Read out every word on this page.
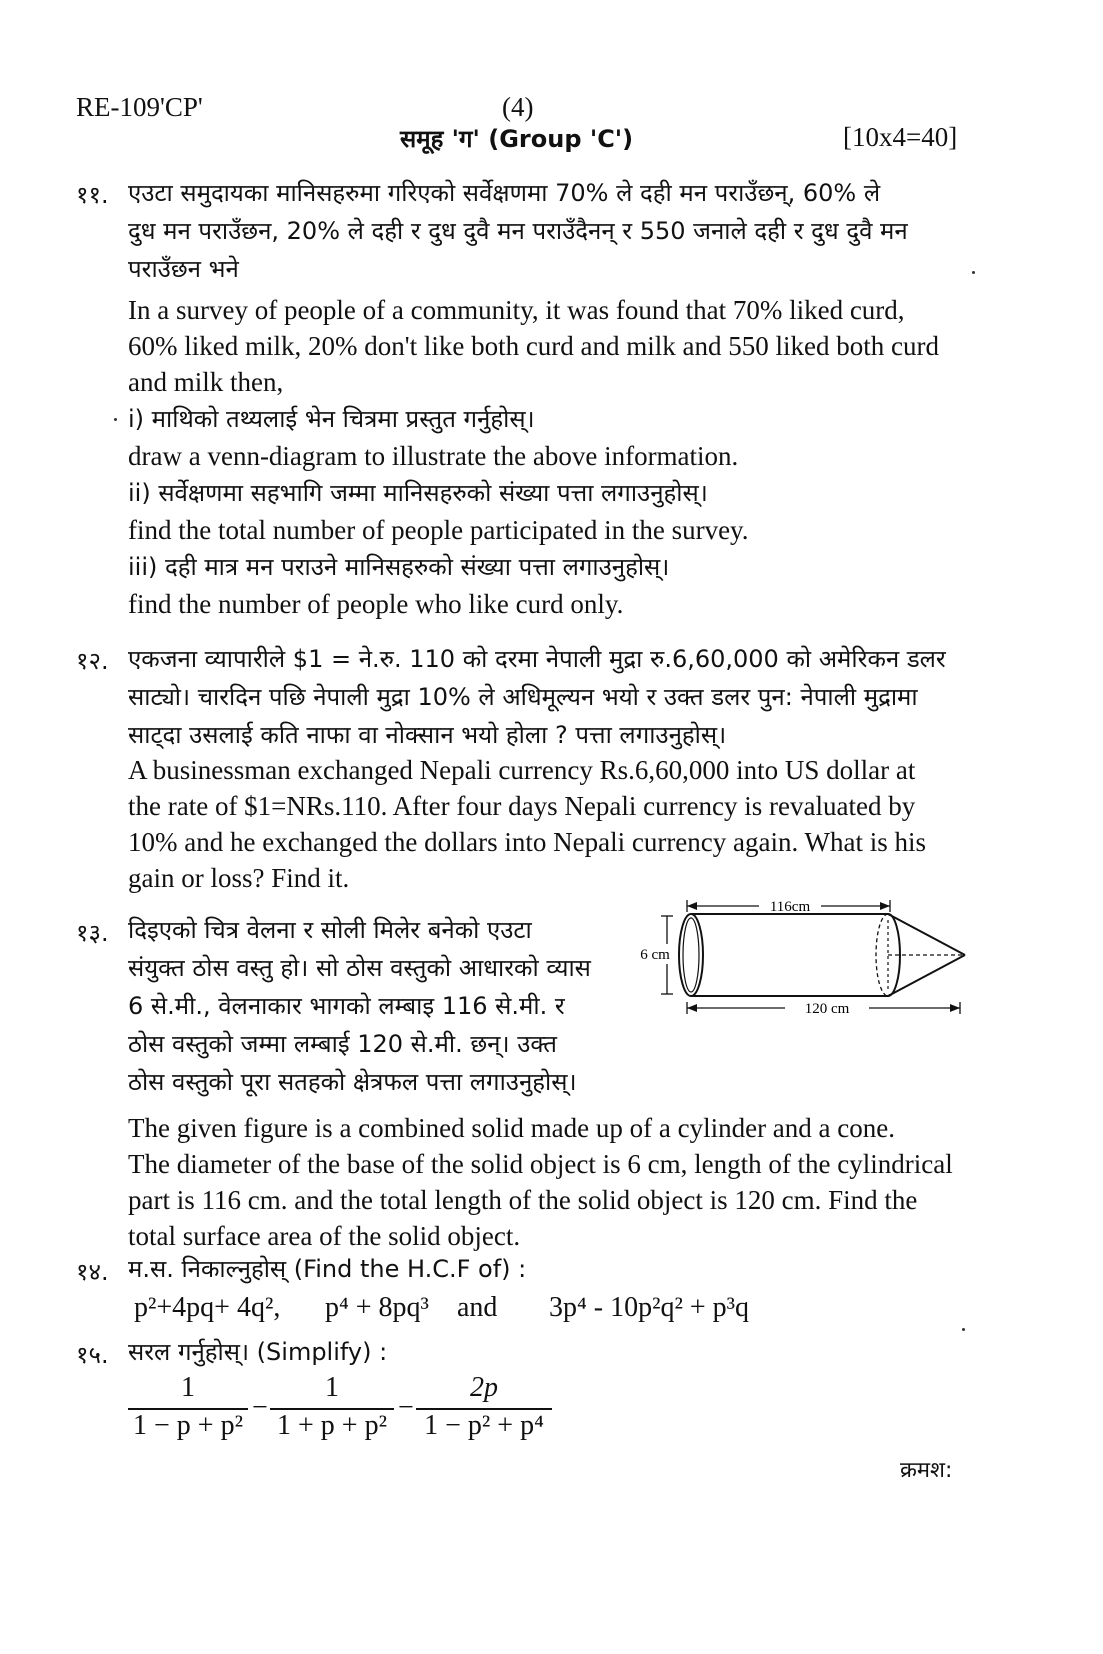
RE-109'CP'	(4)
समूह 'ग' (Group 'C')	[10x4=40]
११. एउटा समुदायका मानिसहरुमा गरिएको सर्वेक्षणमा 70% ले दही मन पराउँछन्, 60% ले
दुध मन पराउँछन, 20% ले दही र दुध दुवै मन पराउँदैनन् र 550 जनाले दही र दुध दुवै मन
पराउँछन भने
In a survey of people of a community, it was found that 70% liked curd,
60% liked milk, 20% don't like both curd and milk and 550 liked both curd
and milk then,
i) माथिको तथ्यलाई भेन चित्रमा प्रस्तुत गर्नुहोस्।
draw a venn-diagram to illustrate the above information.
ii) सर्वेक्षणमा सहभागि जम्मा मानिसहरुको संख्या पत्ता लगाउनुहोस्।
find the total number of people participated in the survey.
iii) दही मात्र मन पराउने मानिसहरुको संख्या पत्ता लगाउनुहोस्।
find the number of people who like curd only.
१२. एकजना व्यापारीले $1 = ने.रु. 110 को दरमा नेपाली मुद्रा रु.6,60,000 को अमेरिकन डलर
साट्यो। चारदिन पछि नेपाली मुद्रा 10% ले अधिमूल्यन भयो र उक्त डलर पुन: नेपाली मुद्रामा
साट्दा उसलाई कति नाफा वा नोक्सान भयो होला ? पत्ता लगाउनुहोस्।
A businessman exchanged Nepali currency Rs.6,60,000 into US dollar at
the rate of $1=NRs.110. After four days Nepali currency is revaluated by
10% and he exchanged the dollars into Nepali currency again. What is his
gain or loss? Find it.
१३. दिइएको चित्र वेलना र सोली मिलेर बनेको एउटा
संयुक्त ठोस वस्तु हो। सो ठोस वस्तुको आधारको व्यास
6 से.मी., वेलनाकार भागको लम्बाइ 116 से.मी. र
ठोस वस्तुको जम्मा लम्बाई 120 से.मी. छन्। उक्त
ठोस वस्तुको पूरा सतहको क्षेत्रफल पत्ता लगाउनुहोस्।
116cm
6 cm
120 cm
The given figure is a combined solid made up of a cylinder and a cone.
The diameter of the base of the solid object is 6 cm, length of the cylindrical
part is 116 cm. and the total length of the solid object is 120 cm. Find the
total surface area of the solid object.
१४. म.स. निकाल्नुहोस् (Find the H.C.F of) :
p²+4pq+ 4q², p⁴ + 8pq³ and 3p⁴ - 10p²q² + p³q
१५. सरल गर्नुहोस्। (Simplify) :
1
1 − p + p²
−
1
1 + p + p²
−
2p
1 − p² + p⁴
क्रमश:
